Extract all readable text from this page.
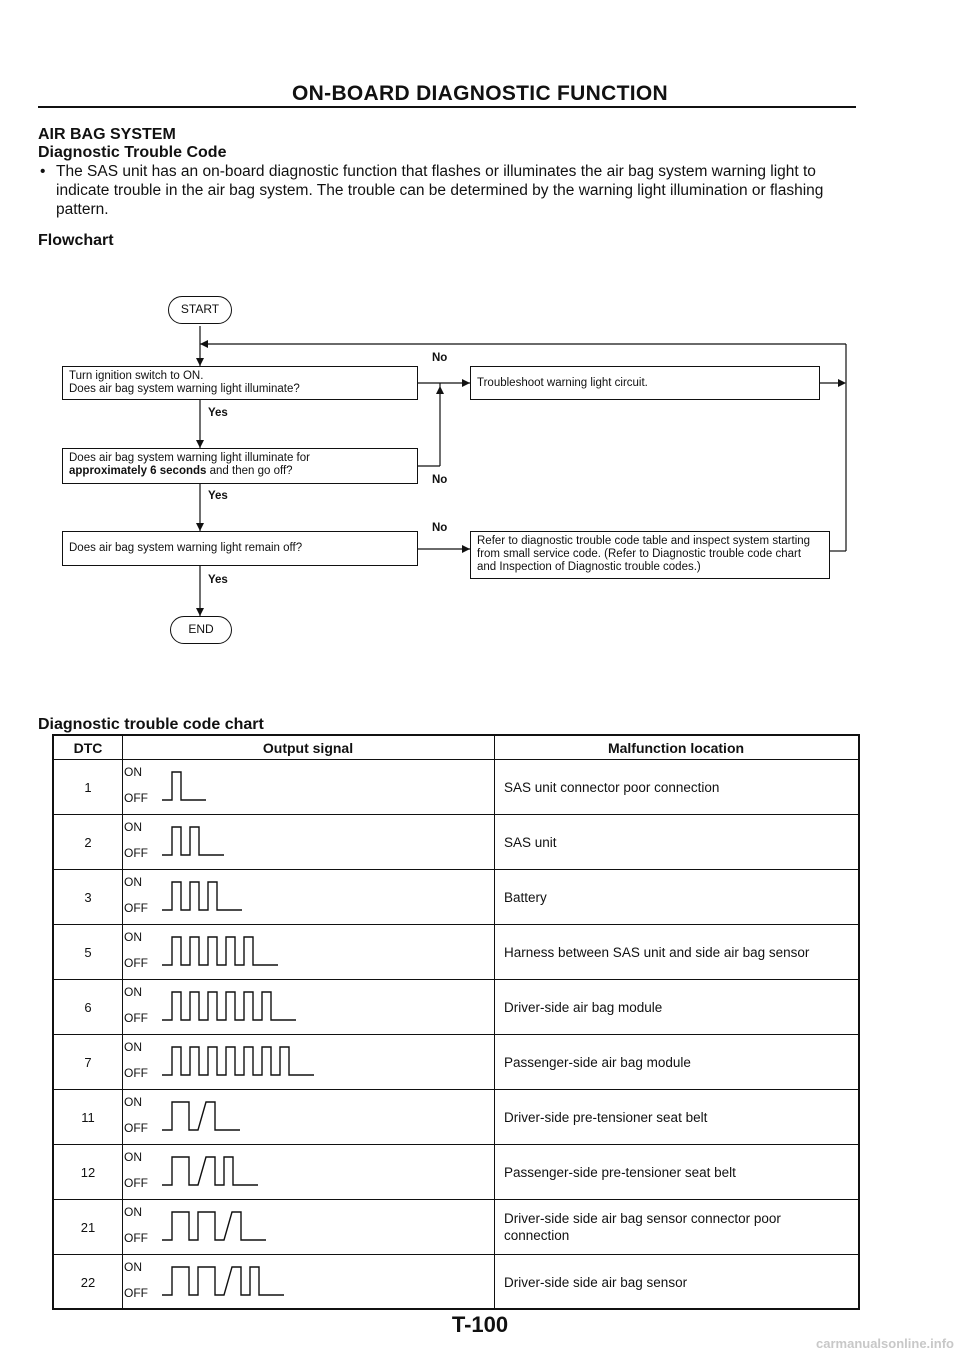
ON-BOARD DIAGNOSTIC FUNCTION
AIR BAG SYSTEM
Diagnostic Trouble Code
• The SAS unit has an on-board diagnostic function that flashes or illuminates the air bag system warning light to indicate trouble in the air bag system. The trouble can be determined by the warning light illumination or flashing pattern.
Flowchart
START
Turn ignition switch to ON.
Does air bag system warning light illuminate?
Yes
Does air bag system warning light illuminate for
approximately 6 seconds and then go off?
Yes
Does air bag system warning light remain off?
Yes
END
No
No
No
Troubleshoot warning light circuit.
Refer to diagnostic trouble code table and inspect system starting from small service code. (Refer to Diagnostic trouble code chart and Inspection of Diagnostic trouble codes.)
Diagnostic trouble code chart
DTC	Output signal	Malfunction location
1
ON
OFF
SAS unit connector poor connection
2
ON
OFF
SAS unit
3
ON
OFF
Battery
5
ON
OFF
Harness between SAS unit and side air bag sensor
6
ON
OFF
Driver-side air bag module
7
ON
OFF
Passenger-side air bag module
11
ON
OFF
Driver-side pre-tensioner seat belt
12
ON
OFF
Passenger-side pre-tensioner seat belt
21
ON
OFF
Driver-side side air bag sensor connector poor connection
22
ON
OFF
Driver-side side air bag sensor
T-100
carmanualsonline.info
